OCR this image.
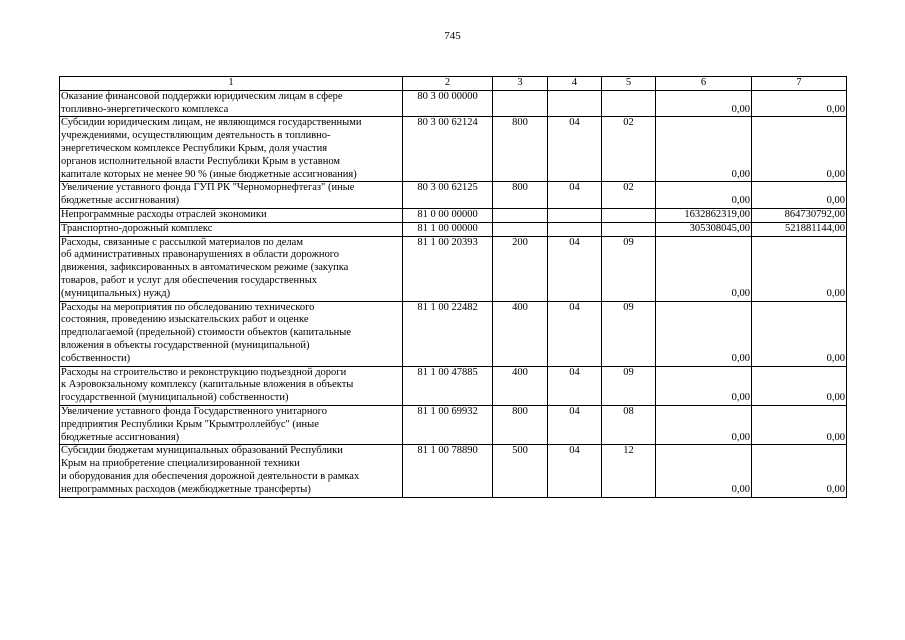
745
1	2	3	4	5	6	7
Оказание финансовой поддержки юридическим лицам в сфере
топливно-энергетического комплекса	80 3 00 00000				0,00	0,00
Субсидии юридическим лицам, не являющимся государственными
учреждениями, осуществляющим деятельность в топливно-
энергетическом комплексе Республики Крым, доля участия
органов исполнительной власти Республики Крым в уставном
капитале которых не менее 90 % (иные бюджетные ассигнования)	80 3 00 62124	800	04	02	0,00	0,00
Увеличение уставного фонда ГУП РК "Черноморнефтегаз" (иные
бюджетные ассигнования)	80 3 00 62125	800	04	02	0,00	0,00
Непрограммные расходы отраслей экономики	81 0 00 00000				1632862319,00	864730792,00
Транспортно-дорожный комплекс	81 1 00 00000				305308045,00	521881144,00
Расходы, связанные с рассылкой материалов по делам
об административных правонарушениях в области дорожного
движения, зафиксированных в автоматическом режиме (закупка
товаров, работ и услуг для обеспечения государственных
(муниципальных) нужд)	81 1 00 20393	200	04	09	0,00	0,00
Расходы на мероприятия по обследованию технического
состояния, проведению изыскательских работ и оценке
предполагаемой (предельной) стоимости объектов (капитальные
вложения в объекты государственной (муниципальной)
собственности)	81 1 00 22482	400	04	09	0,00	0,00
Расходы на строительство и реконструкцию подъездной дороги
к Аэровокзальному комплексу (капитальные вложения в объекты
государственной (муниципальной) собственности)	81 1 00 47885	400	04	09	0,00	0,00
Увеличение уставного фонда Государственного унитарного
предприятия Республики Крым "Крымтроллейбус" (иные
бюджетные ассигнования)	81 1 00 69932	800	04	08	0,00	0,00
Субсидии бюджетам муниципальных образований Республики
Крым на приобретение специализированной техники
и оборудования для обеспечения дорожной деятельности в рамках
непрограммных расходов (межбюджетные трансферты)	81 1 00 78890	500	04	12	0,00	0,00
